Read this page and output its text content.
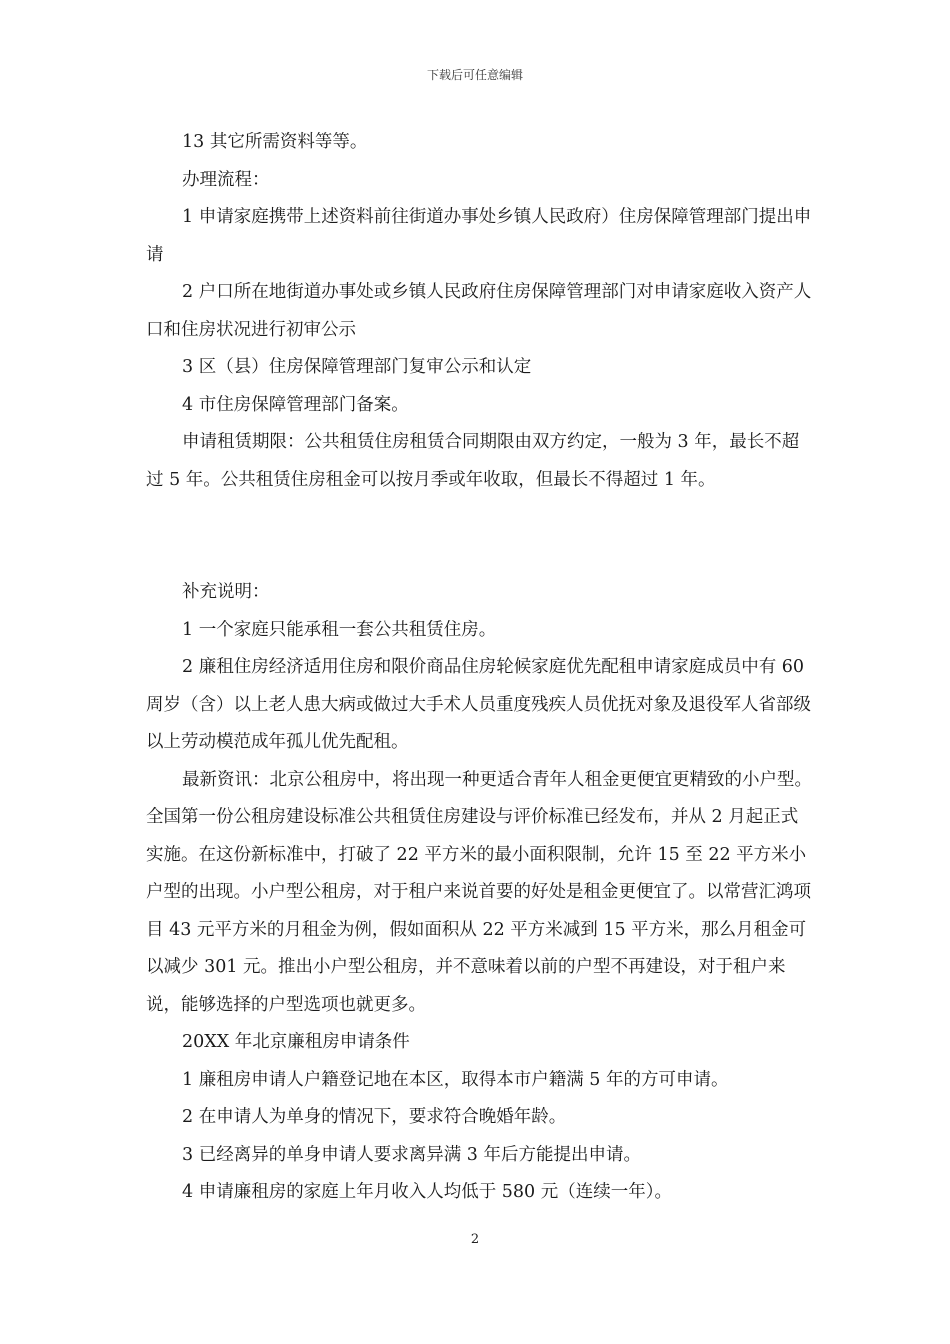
下载后可任意编辑

13 其它所需资料等等。

办理流程：

1 申请家庭携带上述资料前往街道办事处乡镇人民政府）住房保障管理部门提出申请

2 户口所在地街道办事处或乡镇人民政府住房保障管理部门对申请家庭收入资产人口和住房状况进行初审公示

3 区（县）住房保障管理部门复审公示和认定

4 市住房保障管理部门备案。

申请租赁期限：公共租赁住房租赁合同期限由双方约定，一般为 3 年，最长不超过 5 年。公共租赁住房租金可以按月季或年收取，但最长不得超过 1 年。

补充说明：

1 一个家庭只能承租一套公共租赁住房。

2 廉租住房经济适用住房和限价商品住房轮候家庭优先配租申请家庭成员中有 60 周岁（含）以上老人患大病或做过大手术人员重度残疾人员优抚对象及退役军人省部级以上劳动模范成年孤儿优先配租。

最新资讯：北京公租房中，将出现一种更适合青年人租金更便宜更精致的小户型。全国第一份公租房建设标准公共租赁住房建设与评价标准已经发布，并从 2 月起正式实施。在这份新标准中，打破了 22 平方米的最小面积限制，允许 15 至 22 平方米小户型的出现。小户型公租房，对于租户来说首要的好处是租金更便宜了。以常营汇鸿项目 43 元平方米的月租金为例，假如面积从 22 平方米减到 15 平方米，那么月租金可以减少 301 元。推出小户型公租房，并不意味着以前的户型不再建设，对于租户来说，能够选择的户型选项也就更多。

20XX 年北京廉租房申请条件

1 廉租房申请人户籍登记地在本区，取得本市户籍满 5 年的方可申请。

2 在申请人为单身的情况下，要求符合晚婚年龄。

3 已经离异的单身申请人要求离异满 3 年后方能提出申请。

4 申请廉租房的家庭上年月收入人均低于 580 元（连续一年）。

2
